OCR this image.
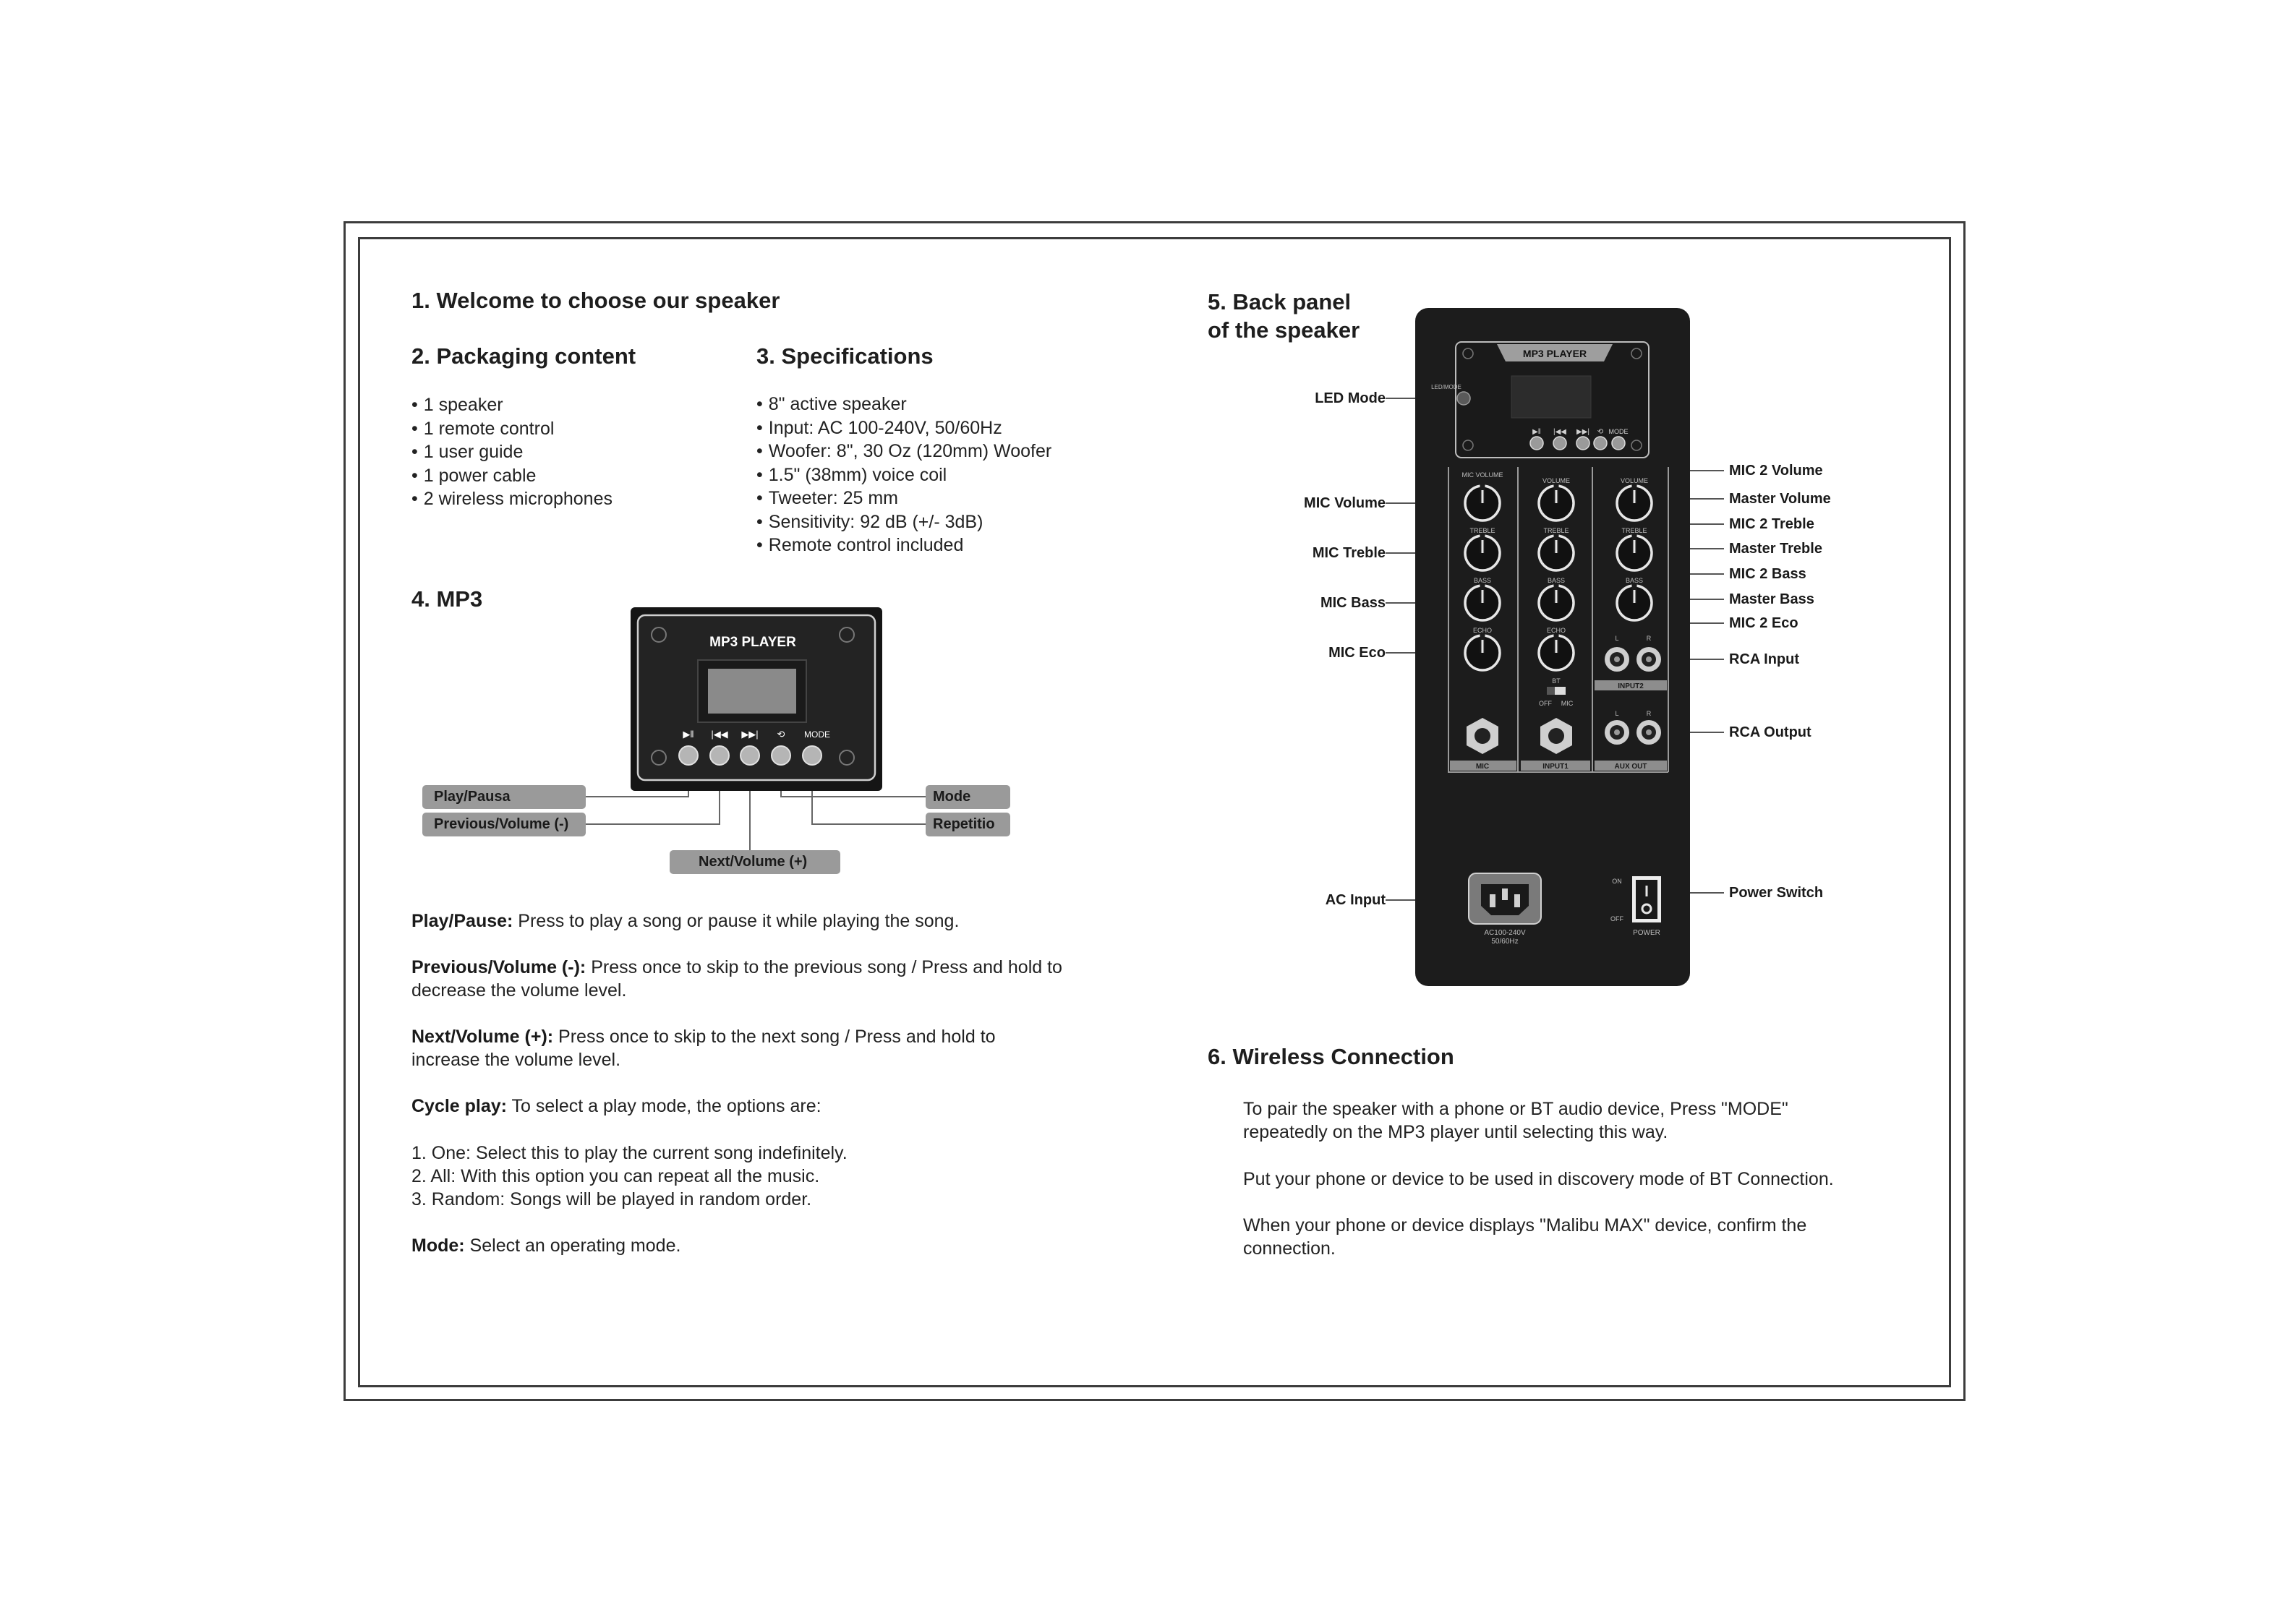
1. Welcome to choose our speaker
2. Packaging content
• 1 speaker
• 1 remote control
• 1 user guide
• 1 power cable
• 2 wireless microphones
3. Specifications
• 8" active speaker
• Input: AC 100-240V, 50/60Hz
• Woofer: 8", 30 Oz (120mm) Woofer
• 1.5" (38mm) voice coil
• Tweeter: 25 mm
• Sensitivity: 92 dB (+/- 3dB)
• Remote control included
4. MP3
MP3 PLAYER
▶‖ |◀◀ ▶▶| ⟲ MODE
Play/Pausa
Previous/Volume (-)
Next/Volume (+)
Mode
Repetitio

Play/Pause: Press to play a song or pause it while playing the song.

Previous/Volume (-): Press once to skip to the previous song / Press and hold to decrease the volume level.

Next/Volume (+): Press once to skip to the next song / Press and hold to increase the volume level.

Cycle play: To select a play mode, the options are:

1. One: Select this to play the current song indefinitely.
2. All: With this option you can repeat all the music.
3. Random: Songs will be played in random order.

Mode: Select an operating mode.

5. Back panel
of the speaker
MP3 PLAYER
▶‖ |◀◀ ▶▶| ⟲ MODE
LED/MODE
MIC	INPUT1	AUX OUT
INPUT2
MIC VOLUME
VOLUME	VOLUME
TREBLE	TREBLE	TREBLE
BASS	BASS	BASS
ECHO	ECHO
BT
OFF MIC
L	R
L	R
AC100-240V
50/60Hz
ON
OFF
POWER
LED Mode
MIC Volume
MIC Treble
MIC Bass
MIC Eco
AC Input
MIC 2 Volume
Master Volume
MIC 2 Treble
Master Treble
MIC 2 Bass
Master Bass
MIC 2 Eco
RCA Input
RCA Output
Power Switch
6. Wireless Connection

To pair the speaker with a phone or BT audio device, Press "MODE" repeatedly on the MP3 player until selecting this way.

Put your phone or device to be used in discovery mode of BT Connection.

When your phone or device displays "Malibu MAX" device, confirm the connection.
